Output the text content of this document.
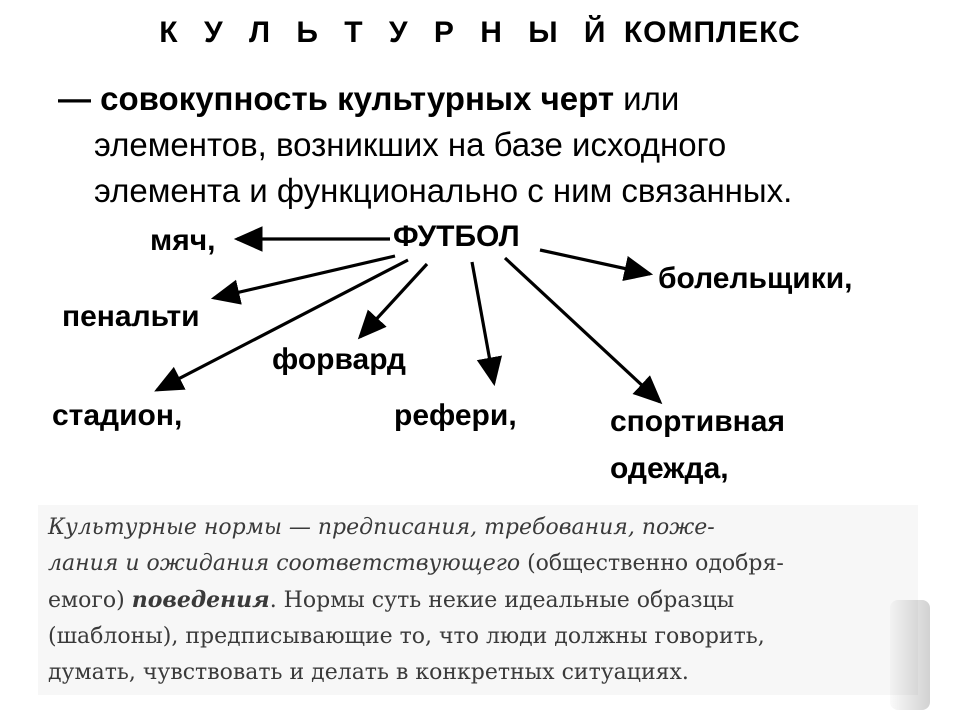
К У Л Ь Т У Р Н Ы Й КОМПЛЕКС
— совокупность культурных черт или
элементов, возникших на базе исходного
элемента и функционально с ним связанных.
ФУТБОЛ
мяч,
болельщики,
пенальти
форвард
стадион,	рефери,	спортивная
одежда,
Культурные нормы — предписания, требования, поже-
лания и ожидания соответствующего (общественно одобря-
емого) поведения. Нормы суть некие идеальные образцы
(шаблоны), предписывающие то, что люди должны говорить,
думать, чувствовать и делать в конкретных ситуациях.
